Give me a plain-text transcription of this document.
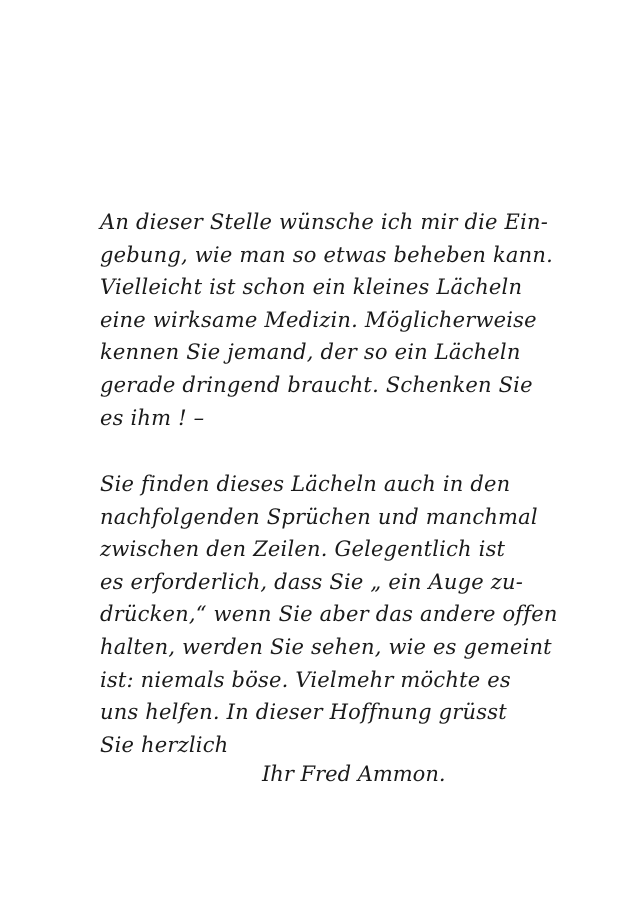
An dieser Stelle wünsche ich mir die Ein-
gebung, wie man so etwas beheben kann.
Vielleicht ist schon ein kleines Lächeln
eine wirksame Medizin. Möglicherweise
kennen Sie jemand, der so ein Lächeln
gerade dringend braucht. Schenken Sie
es ihm ! –

Sie finden dieses Lächeln auch in den
nachfolgenden Sprüchen und manchmal
zwischen den Zeilen. Gelegentlich ist
es erforderlich, dass Sie „ ein Auge zu-
drücken,“ wenn Sie aber das andere offen
halten, werden Sie sehen, wie es gemeint
ist: niemals böse. Vielmehr möchte es
uns helfen. In dieser Hoffnung grüsst
Sie herzlich

Ihr Fred Ammon.
